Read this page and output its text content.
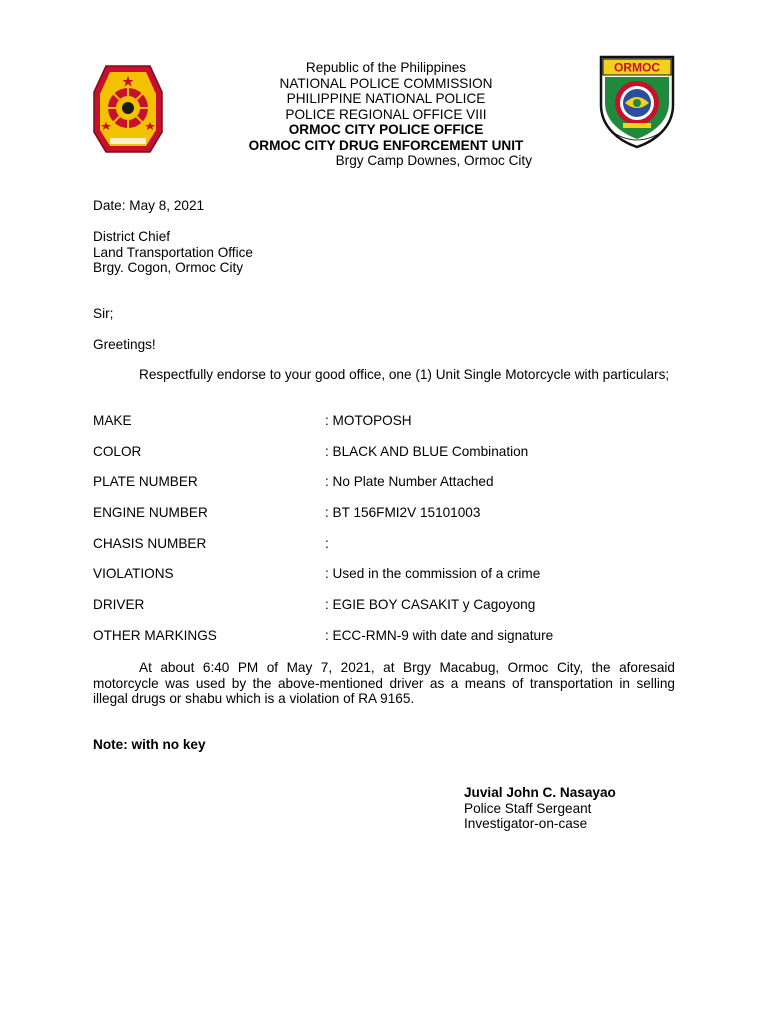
ORMOC
Republic of the Philippines
NATIONAL POLICE COMMISSION
PHILIPPINE NATIONAL POLICE
POLICE REGIONAL OFFICE VIII
ORMOC CITY POLICE OFFICE
ORMOC CITY DRUG ENFORCEMENT UNIT
Brgy Camp Downes, Ormoc City
Date: May 8, 2021
District Chief
Land Transportation Office
Brgy. Cogon, Ormoc City
Sir;
Greetings!
Respectfully endorse to your good office, one (1) Unit Single Motorcycle with particulars;
MAKE	: MOTOPOSH
COLOR	: BLACK AND BLUE Combination
PLATE NUMBER	: No Plate Number Attached
ENGINE NUMBER	: BT 156FMI2V 15101003
CHASIS NUMBER	:
VIOLATIONS	: Used in the commission of a crime
DRIVER	: EGIE BOY CASAKIT y Cagoyong
OTHER MARKINGS	: ECC-RMN-9 with date and signature
At about 6:40 PM of May 7, 2021, at Brgy Macabug, Ormoc City, the aforesaid motorcycle was used by the above-mentioned driver as a means of transportation in selling illegal drugs or shabu which is a violation of RA 9165.
Note: with no key
Juvial John C. Nasayao
Police Staff Sergeant
Investigator-on-case
